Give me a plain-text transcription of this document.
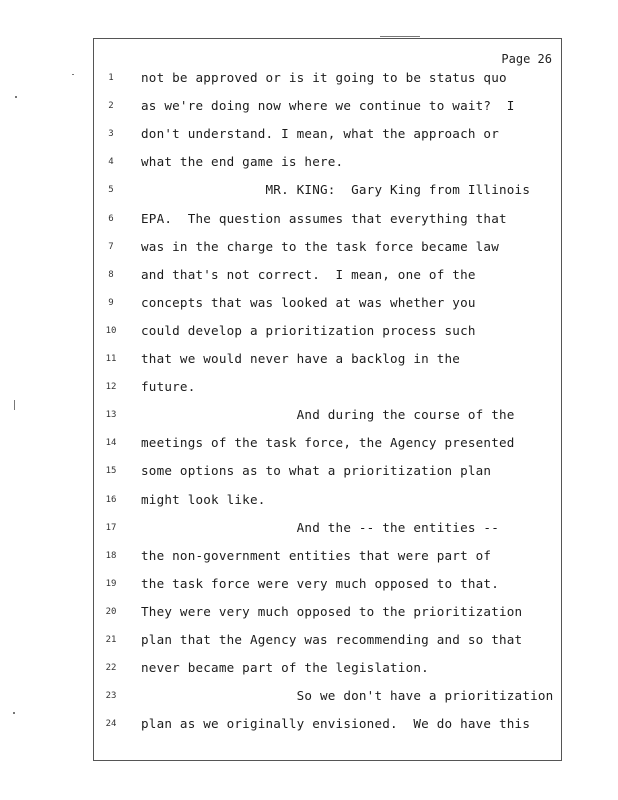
Page 26
1	not be approved or is it going to be status quo
2	as we're doing now where we continue to wait?  I
3	don't understand. I mean, what the approach or
4	what the end game is here.
5	MR. KING:  Gary King from Illinois
6	EPA.  The question assumes that everything that
7	was in the charge to the task force became law
8	and that's not correct.  I mean, one of the
9	concepts that was looked at was whether you
10	could develop a prioritization process such
11	that we would never have a backlog in the
12	future.
13	And during the course of the
14	meetings of the task force, the Agency presented
15	some options as to what a prioritization plan
16	might look like.
17	And the -- the entities --
18	the non-government entities that were part of
19	the task force were very much opposed to that.
20	They were very much opposed to the prioritization
21	plan that the Agency was recommending and so that
22	never became part of the legislation.
23	So we don't have a prioritization
24	plan as we originally envisioned.  We do have this
